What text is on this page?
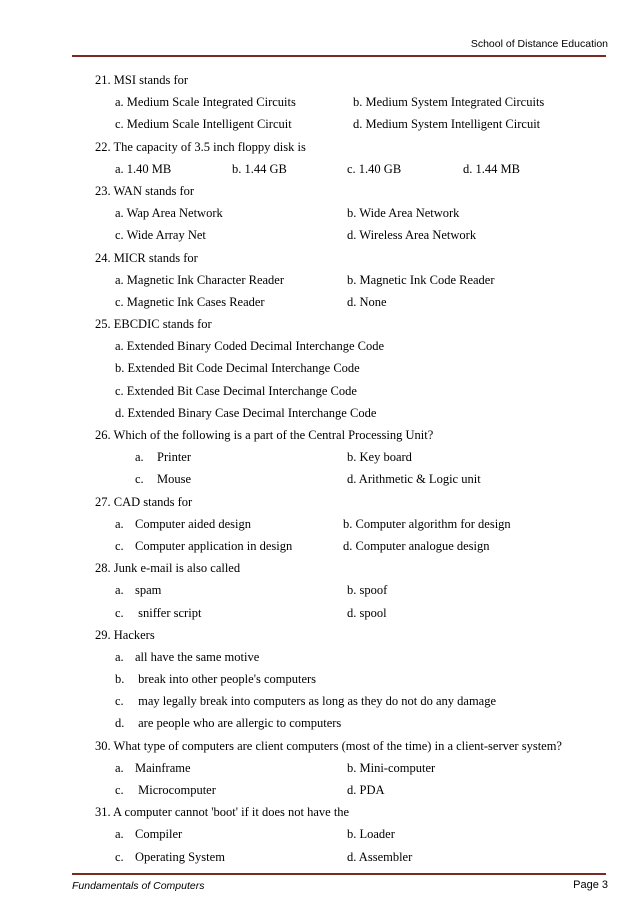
School of Distance Education
21. MSI stands for
a. Medium Scale Integrated Circuits	b. Medium System Integrated Circuits
c. Medium Scale Intelligent Circuit	d. Medium System Intelligent Circuit
22. The capacity of 3.5 inch floppy disk is
a. 1.40 MB	b. 1.44 GB	c. 1.40 GB	d. 1.44 MB
23. WAN stands for
a. Wap Area Network	b. Wide Area Network
c. Wide Array Net	d. Wireless Area Network
24. MICR stands for
a. Magnetic Ink Character Reader	b. Magnetic Ink Code Reader
c. Magnetic Ink Cases Reader	d. None
25. EBCDIC stands for
a. Extended Binary Coded Decimal Interchange Code
b. Extended Bit Code Decimal Interchange Code
c. Extended Bit Case Decimal Interchange Code
d. Extended Binary Case Decimal Interchange Code
26. Which of the following is a part of the Central Processing Unit?
a. Printer	b. Key board
c. Mouse	d. Arithmetic & Logic unit
27. CAD stands for
a. Computer aided design	b. Computer algorithm for design
c. Computer application in design	d. Computer analogue design
28. Junk e-mail is also called
a. spam	b. spoof
c. sniffer script	d. spool
29. Hackers
a. all have the same motive
b. break into other people's computers
c. may legally break into computers as long as they do not do any damage
d. are people who are allergic to computers
30. What type of computers are client computers (most of the time) in a client-server system?
a. Mainframe	b. Mini-computer
c. Microcomputer	d. PDA
31. A computer cannot 'boot' if it does not have the
a. Compiler	b. Loader
c. Operating System	d. Assembler
Fundamentals of Computers	Page 3
